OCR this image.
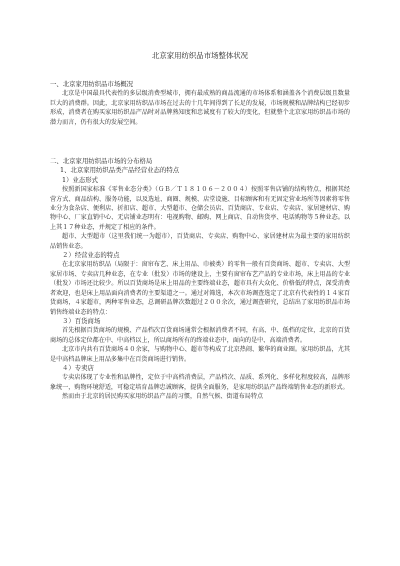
北京家用纺织品市场整体状况

一、北京家用纺织品市场概况

北京是中国最具代表性的多层级消费型城市，拥有最成熟的商品流通的市场体系和涵盖各个消费层级且数量巨大的消费群。因此，北京家用纺织品市场在过去的十几年间得到了长足的发展，市场规模和品牌结构已经初步形成，消费者在购买家用纺织品产品时对品牌熟知度和忠诚度有了较大的变化，但就整个北京家用纺织品市场的潜力而言，仍有很大的发展空间。

二、北京家用纺织品市场的分布格局

1、北京家用纺织品类产品经营业态的特点

1）业态形式

按照新国家标准《零售业态分类》（ＧＢ／Ｔ１８１０６－２００４）按照零售店铺的结构特点，根据其经营方式、商品结构、服务功能，以及选址、商圈、规模、店堂设施、目标顾客和有无固定营业场所等因素将零售业分为食杂店、便利店、折扣店、超市、大型超市、仓储会员店、百货商店、专业店、专卖店、家居建材店、购物中心、厂家直销中心、无店铺业态明有：电视购物、邮购、网上商店、自动售货亭、电话购物等５种业态。以上其１７种业态，并规定了相应的条件。

超市、大型超市（这里我们统一为超市），百货商店、专卖店、购物中心、家居建材店为最主要的家用纺织品销售业态。

２）经营业态的特点

在北京家用纺织品（局限于：窗帘布艺、床上用品、巾被类）的零售一般有百货商场、超市、专卖店、大型家居市场、专卖店几种业态，在专业（批发）市场的建设上，主要有窗帘布艺产品的专业市场，床上用品的专业（批发）市场还比较少。所以百货商场是床上用品的主要终端业态，超市具有大众化、价格低的特点，深受消费者欢迎，也是床上用品面向消费者的主要渠道之一。通过对筛选，本次市场调查选定了北京有代表性的１４家百货商场，４家超市，两种零售业态，总调研品牌次数超过２００余次，通过调查研究，总结出了家用纺织品市场销售终端业态的特点：

３）百货商场

首先根据百货商场的规模、产品档次百货商场通常会根据消费者不同，有高、中、低档的定位，北京的百货商场的总体定位都在中、中高档以上，所以商场所有的终端业态中，面向的是中、高端消费者。

北京市内共有百货商场４０余家，与购物中心、超市等构成了北京热闹、繁华的商业圈。家用纺织品，尤其是中高档品牌床上用品多集中在百货商场进行销售。

４）专卖店

专卖店体现了专业性和品牌性，定位于中高档消费层，产品档次、品质、系列化、多样化程度较高，品牌形象统一，购物环境舒适，可稳定培育品牌忠诚顾客，提供全面服务，是家用纺织品产品终端销售业态的新形式。

然而由于北京的居民购买家用纺织品产品的习惯，自然气候、街道布局特点
